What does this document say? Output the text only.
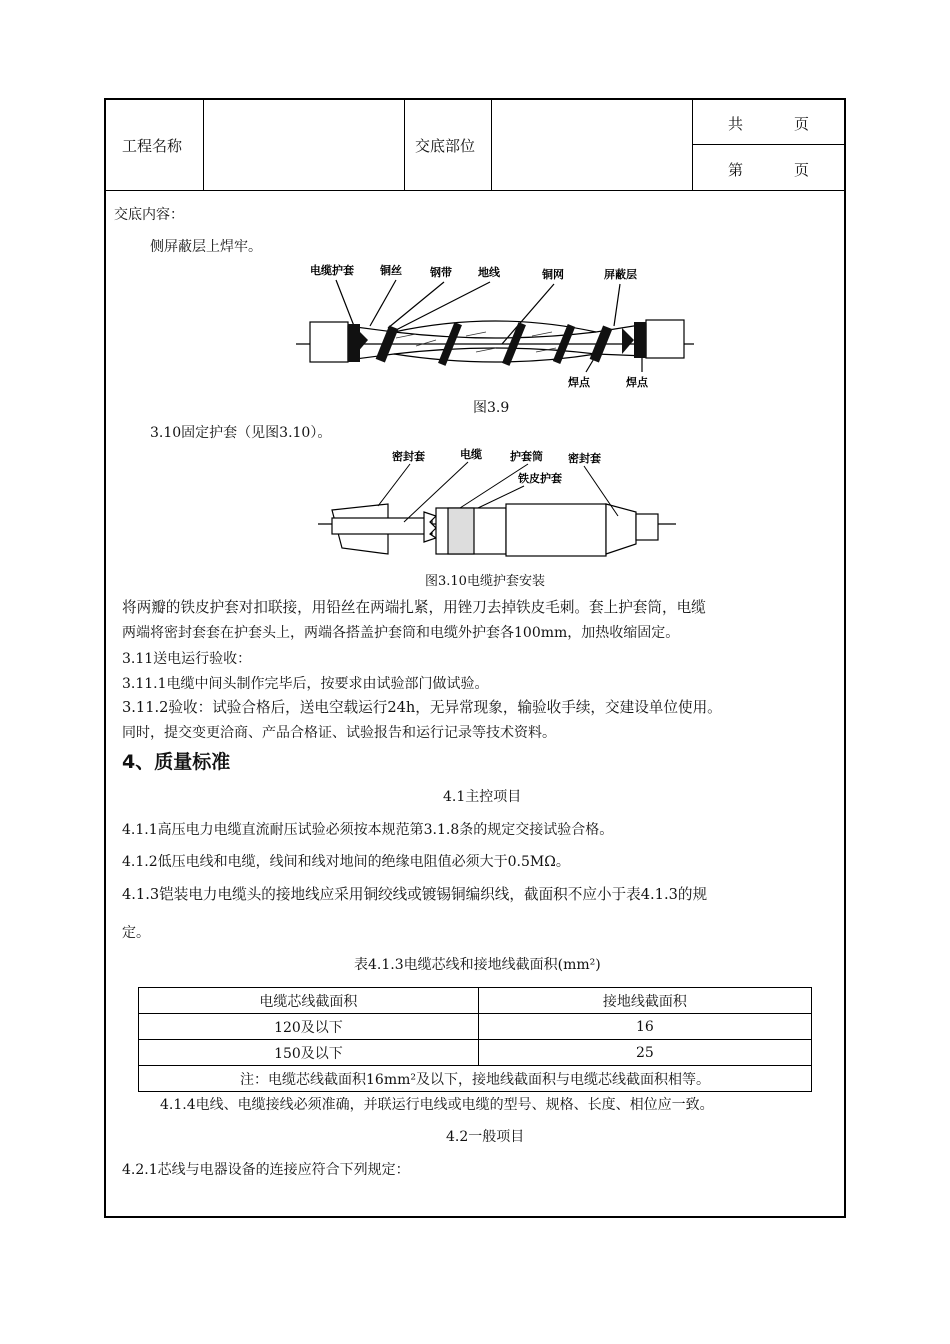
工程名称	交底部位
共	页
第	页
交底内容：
侧屏蔽层上焊牢。
电缆护套 铜丝	钢带 地线	铜网	屏蔽层
焊点	焊点
图3.9
3.10固定护套（见图3.10）。
密封套	电缆	护套筒 密封套
铁皮护套
图3.10电缆护套安装
将两瓣的铁皮护套对扣联接，用铅丝在两端扎紧，用锉刀去掉铁皮毛刺。套上护套筒，电缆
两端将密封套套在护套头上，两端各搭盖护套筒和电缆外护套各100mm，加热收缩固定。
3.11送电运行验收：
3.11.1电缆中间头制作完毕后，按要求由试验部门做试验。
3.11.2验收：试验合格后，送电空载运行24h，无异常现象，输验收手续，交建设单位使用。
同时，提交变更洽商、产品合格证、试验报告和运行记录等技术资料。
4、质量标准
4.1主控项目
4.1.1高压电力电缆直流耐压试验必须按本规范第3.1.8条的规定交接试验合格。
4.1.2低压电线和电缆，线间和线对地间的绝缘电阻值必须大于0.5MΩ。
4.1.3铠装电力电缆头的接地线应采用铜绞线或镀锡铜编织线，截面积不应小于表4.1.3的规
定。
表4.1.3电缆芯线和接地线截面积(mm²)
电缆芯线截面积	接地线截面积
120及以下	16
150及以下	25
注：电缆芯线截面积16mm²及以下，接地线截面积与电缆芯线截面积相等。	
4.1.4电线、电缆接线必须准确，并联运行电线或电缆的型号、规格、长度、相位应一致。
4.2一般项目
4.2.1芯线与电器设备的连接应符合下列规定：
